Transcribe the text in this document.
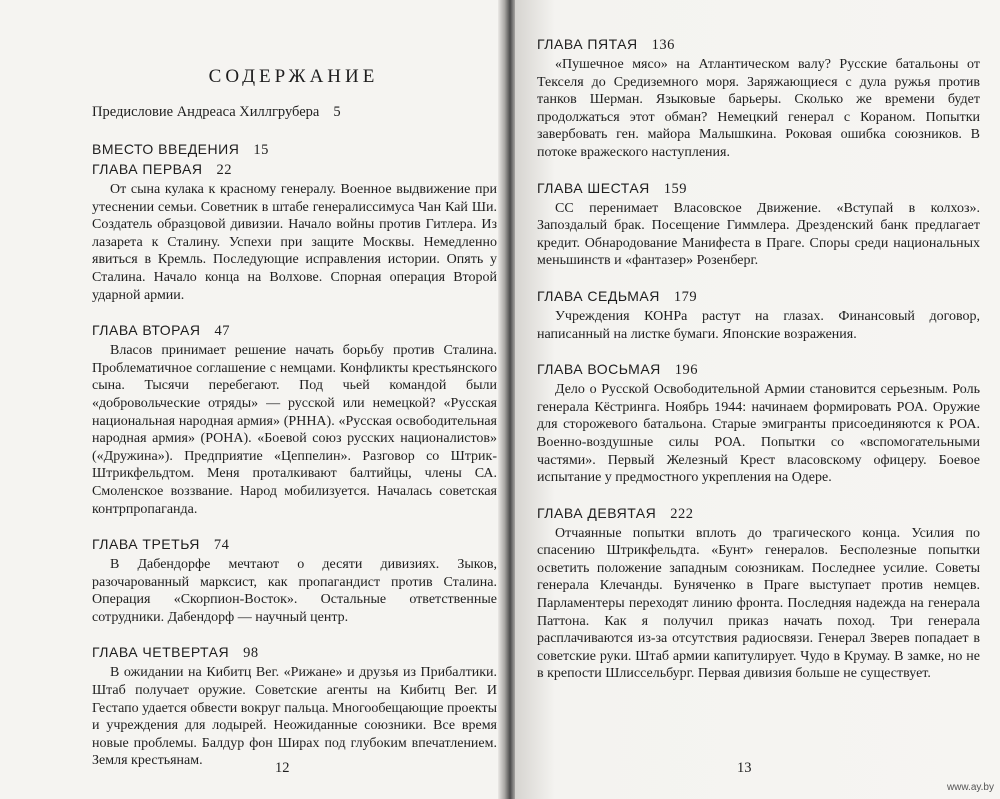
СОДЕРЖАНИЕ
Предисловие Андреаса Хиллгрубера 5
ВМЕСТО ВВЕДЕНИЯ 15
ГЛАВА ПЕРВАЯ 22

От сына кулака к красному генералу. Военное выдвижение при утеснении семьи. Советник в штабе генералиссимуса Чан Кай Ши. Создатель образцовой дивизии. Начало войны против Гитлера. Из лазарета к Сталину. Успехи при защите Москвы. Немедленно явиться в Кремль. Последующие исправления истории. Опять у Сталина. Начало конца на Волхове. Спорная операция Второй ударной армии.

ГЛАВА ВТОРАЯ 47

Власов принимает решение начать борьбу против Сталина. Проблематичное соглашение с немцами. Конфликты крестьянского сына. Тысячи перебегают. Под чьей командой были «добровольческие отряды» — русской или немецкой? «Русская национальная народная армия» (РННА). «Русская освободительная народная армия» (РОНА). «Боевой союз русских националистов» («Дружина»). Предприятие «Цеппелин». Разговор со Штрик-Штрикфельдтом. Меня проталкивают балтийцы, члены СА. Смоленское воззвание. Народ мобилизуется. Началась советская контрпропаганда.

ГЛАВА ТРЕТЬЯ 74

В Дабендорфе мечтают о десяти дивизиях. Зыков, разочарованный марксист, как пропагандист против Сталина. Операция «Скорпион-Восток». Остальные ответственные сотрудники. Дабендорф — научный центр.

ГЛАВА ЧЕТВЕРТАЯ 98

В ожидании на Кибитц Вег. «Рижане» и друзья из Прибалтики. Штаб получает оружие. Советские агенты на Кибитц Вег. И Гестапо удается обвести вокруг пальца. Многообещающие проекты и учреждения для лодырей. Неожиданные союзники. Все время новые проблемы. Балдур фон Ширах под глубоким впечатлением. Земля крестьянам.	12
ГЛАВА ПЯТАЯ 136

«Пушечное мясо» на Атлантическом валу? Русские батальоны от Текселя до Средиземного моря. Заряжающиеся с дула ружья против танков Шерман. Языковые барьеры. Сколько же времени будет продолжаться этот обман? Немецкий генерал с Кораном. Попытки завербовать ген. майора Малышкина. Роковая ошибка союзников. В потоке вражеского наступления.

ГЛАВА ШЕСТАЯ 159

СС перенимает Власовское Движение. «Вступай в колхоз». Запоздалый брак. Посещение Гиммлера. Дрезденский банк предлагает кредит. Обнародование Манифеста в Праге. Споры среди национальных меньшинств и «фантазер» Розенберг.

ГЛАВА СЕДЬМАЯ 179

Учреждения КОНРа растут на глазах. Финансовый договор, написанный на листке бумаги. Японские возражения.

ГЛАВА ВОСЬМАЯ 196

Дело о Русской Освободительной Армии становится серьезным. Роль генерала Кёстринга. Ноябрь 1944: начинаем формировать РОА. Оружие для сторожевого батальона. Старые эмигранты присоединяются к РОА. Военно-воздушные силы РОА. Попытки со «вспомогательными частями». Первый Железный Крест власовскому офицеру. Боевое испытание у предмостного укрепления на Одере.

ГЛАВА ДЕВЯТАЯ 222

Отчаянные попытки вплоть до трагического конца. Усилия по спасению Штрикфельдта. «Бунт» генералов. Бесполезные попытки осветить положение западным союзникам. Последнее усилие. Советы генерала Клечанды. Буняченко в Праге выступает против немцев. Парламентеры переходят линию фронта. Последняя надежда на генерала Паттона. Как я получил приказ начать поход. Три генерала расплачиваются из-за отсутствия радиосвязи. Генерал Зверев попадает в советские руки. Штаб армии капитулирует. Чудо в Крумау. В замке, но не в крепости Шлиссельбург. Первая дивизия больше не существует.

13
www.ay.by
